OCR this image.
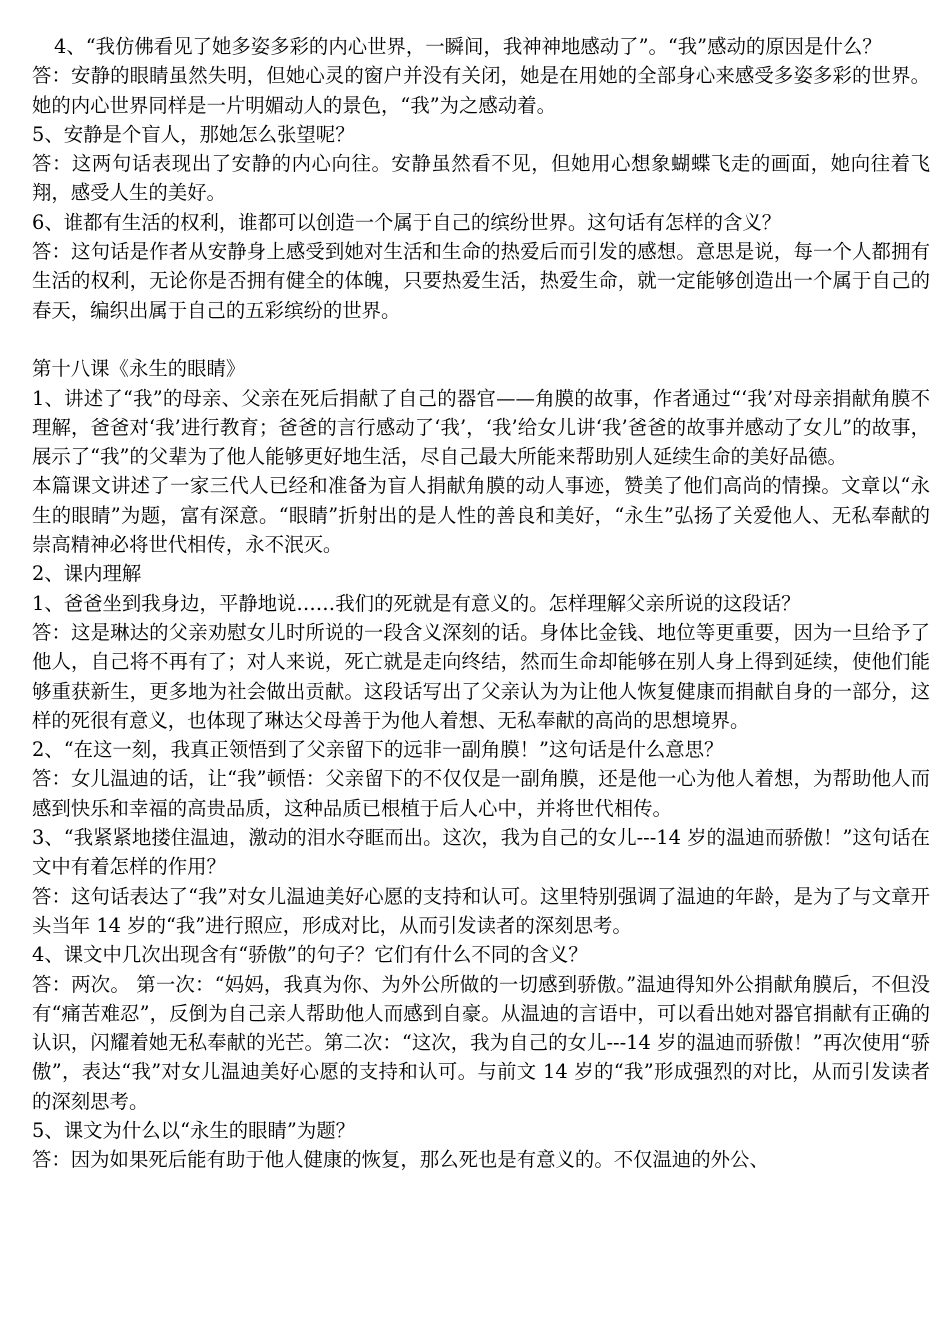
4、“我仿佛看见了她多姿多彩的内心世界，一瞬间，我神神地感动了”。“我”感动的原因是什么？

答：安静的眼睛虽然失明，但她心灵的窗户并没有关闭，她是在用她的全部身心来感受多姿多彩的世界。她的内心世界同样是一片明媚动人的景色，“我”为之感动着。

5、安静是个盲人，那她怎么张望呢？

答：这两句话表现出了安静的内心向往。安静虽然看不见，但她用心想象蝴蝶飞走的画面，她向往着飞翔，感受人生的美好。

6、谁都有生活的权利，谁都可以创造一个属于自己的缤纷世界。这句话有怎样的含义？

答：这句话是作者从安静身上感受到她对生活和生命的热爱后而引发的感想。意思是说，每一个人都拥有生活的权利，无论你是否拥有健全的体魄，只要热爱生活，热爱生命，就一定能够创造出一个属于自己的春天，编织出属于自己的五彩缤纷的世界。

第十八课《永生的眼睛》

1、讲述了“我”的母亲、父亲在死后捐献了自己的器官——角膜的故事，作者通过“‘我’对母亲捐献角膜不理解，爸爸对‘我’进行教育；爸爸的言行感动了‘我’，‘我’给女儿讲‘我’爸爸的故事并感动了女儿”的故事，展示了“我”的父辈为了他人能够更好地生活，尽自己最大所能来帮助别人延续生命的美好品德。

本篇课文讲述了一家三代人已经和准备为盲人捐献角膜的动人事迹，赞美了他们高尚的情操。文章以“永生的眼睛”为题，富有深意。“眼睛”折射出的是人性的善良和美好，“永生”弘扬了关爱他人、无私奉献的崇高精神必将世代相传，永不泯灭。

2、课内理解

1、爸爸坐到我身边，平静地说……我们的死就是有意义的。怎样理解父亲所说的这段话？

答：这是琳达的父亲劝慰女儿时所说的一段含义深刻的话。身体比金钱、地位等更重要，因为一旦给予了他人，自己将不再有了；对人来说，死亡就是走向终结，然而生命却能够在别人身上得到延续，使他们能够重获新生，更多地为社会做出贡献。这段话写出了父亲认为为让他人恢复健康而捐献自身的一部分，这样的死很有意义，也体现了琳达父母善于为他人着想、无私奉献的高尚的思想境界。

2、“在这一刻，我真正领悟到了父亲留下的远非一副角膜！”这句话是什么意思？

答：女儿温迪的话，让“我”顿悟：父亲留下的不仅仅是一副角膜，还是他一心为他人着想，为帮助他人而感到快乐和幸福的高贵品质，这种品质已根植于后人心中，并将世代相传。

3、“我紧紧地搂住温迪，激动的泪水夺眶而出。这次，我为自己的女儿---14 岁的温迪而骄傲！”这句话在文中有着怎样的作用？

答：这句话表达了“我”对女儿温迪美好心愿的支持和认可。这里特别强调了温迪的年龄，是为了与文章开头当年 14 岁的“我”进行照应，形成对比，从而引发读者的深刻思考。

4、课文中几次出现含有“骄傲”的句子？它们有什么不同的含义？

答：两次。 第一次：“妈妈，我真为你、为外公所做的一切感到骄傲。”温迪得知外公捐献角膜后，不但没有“痛苦难忍”，反倒为自己亲人帮助他人而感到自豪。从温迪的言语中，可以看出她对器官捐献有正确的认识，闪耀着她无私奉献的光芒。第二次：“这次，我为自己的女儿---14 岁的温迪而骄傲！”再次使用“骄傲”，表达“我”对女儿温迪美好心愿的支持和认可。与前文 14 岁的“我”形成强烈的对比，从而引发读者的深刻思考。

5、课文为什么以“永生的眼睛”为题？

答：因为如果死后能有助于他人健康的恢复，那么死也是有意义的。不仅温迪的外公、
